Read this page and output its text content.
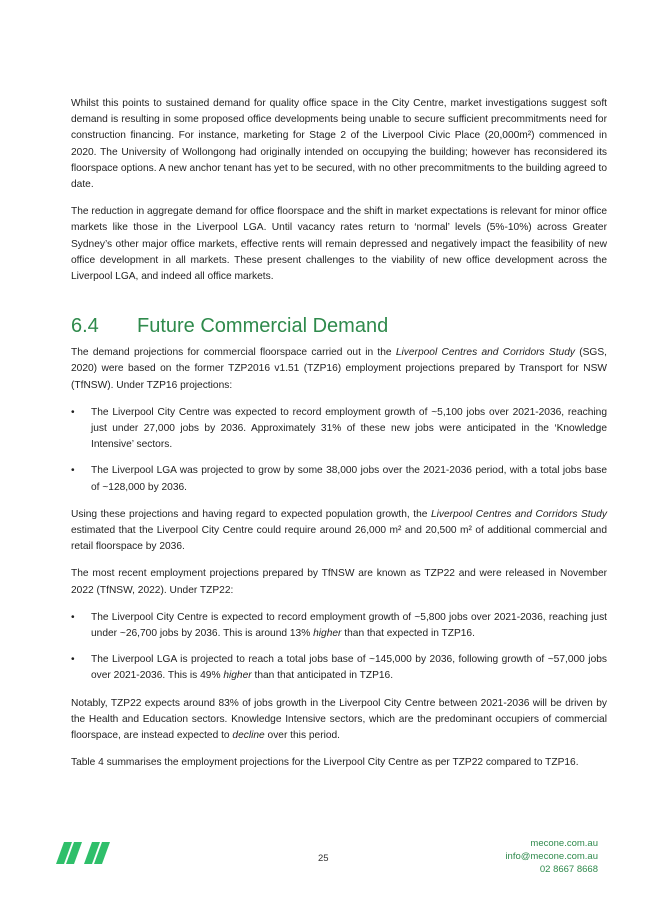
Whilst this points to sustained demand for quality office space in the City Centre, market investigations suggest soft demand is resulting in some proposed office developments being unable to secure sufficient precommitments need for construction financing. For instance, marketing for Stage 2 of the Liverpool Civic Place (20,000m²) commenced in 2020. The University of Wollongong had originally intended on occupying the building; however has reconsidered its floorspace options. A new anchor tenant has yet to be secured, with no other precommitments to the building agreed to date.

The reduction in aggregate demand for office floorspace and the shift in market expectations is relevant for minor office markets like those in the Liverpool LGA. Until vacancy rates return to ‘normal’ levels (5%-10%) across Greater Sydney’s other major office markets, effective rents will remain depressed and negatively impact the feasibility of new office development in all markets. These present challenges to the viability of new office development across the Liverpool LGA, and indeed all office markets.

6.4	Future Commercial Demand

The demand projections for commercial floorspace carried out in the Liverpool Centres and Corridors Study (SGS, 2020) were based on the former TZP2016 v1.51 (TZP16) employment projections prepared by Transport for NSW (TfNSW). Under TZP16 projections:

• The Liverpool City Centre was expected to record employment growth of ~5,100 jobs over 2021-2036, reaching just under 27,000 jobs by 2036. Approximately 31% of these new jobs were anticipated in the ‘Knowledge Intensive’ sectors.
• The Liverpool LGA was projected to grow by some 38,000 jobs over the 2021-2036 period, with a total jobs base of ~128,000 by 2036.

Using these projections and having regard to expected population growth, the Liverpool Centres and Corridors Study estimated that the Liverpool City Centre could require around 26,000 m² and 20,500 m² of additional commercial and retail floorspace by 2036.

The most recent employment projections prepared by TfNSW are known as TZP22 and were released in November 2022 (TfNSW, 2022). Under TZP22:

• The Liverpool City Centre is expected to record employment growth of ~5,800 jobs over 2021-2036, reaching just under ~26,700 jobs by 2036. This is around 13% higher than that expected in TZP16.
• The Liverpool LGA is projected to reach a total jobs base of ~145,000 by 2036, following growth of ~57,000 jobs over 2021-2036. This is 49% higher than that anticipated in TZP16.

Notably, TZP22 expects around 83% of jobs growth in the Liverpool City Centre between 2021-2036 will be driven by the Health and Education sectors. Knowledge Intensive sectors, which are the predominant occupiers of commercial floorspace, are instead expected to decline over this period.

Table 4 summarises the employment projections for the Liverpool City Centre as per TZP22 compared to TZP16.

25
mecone.com.au
info@mecone.com.au
02 8667 8668
